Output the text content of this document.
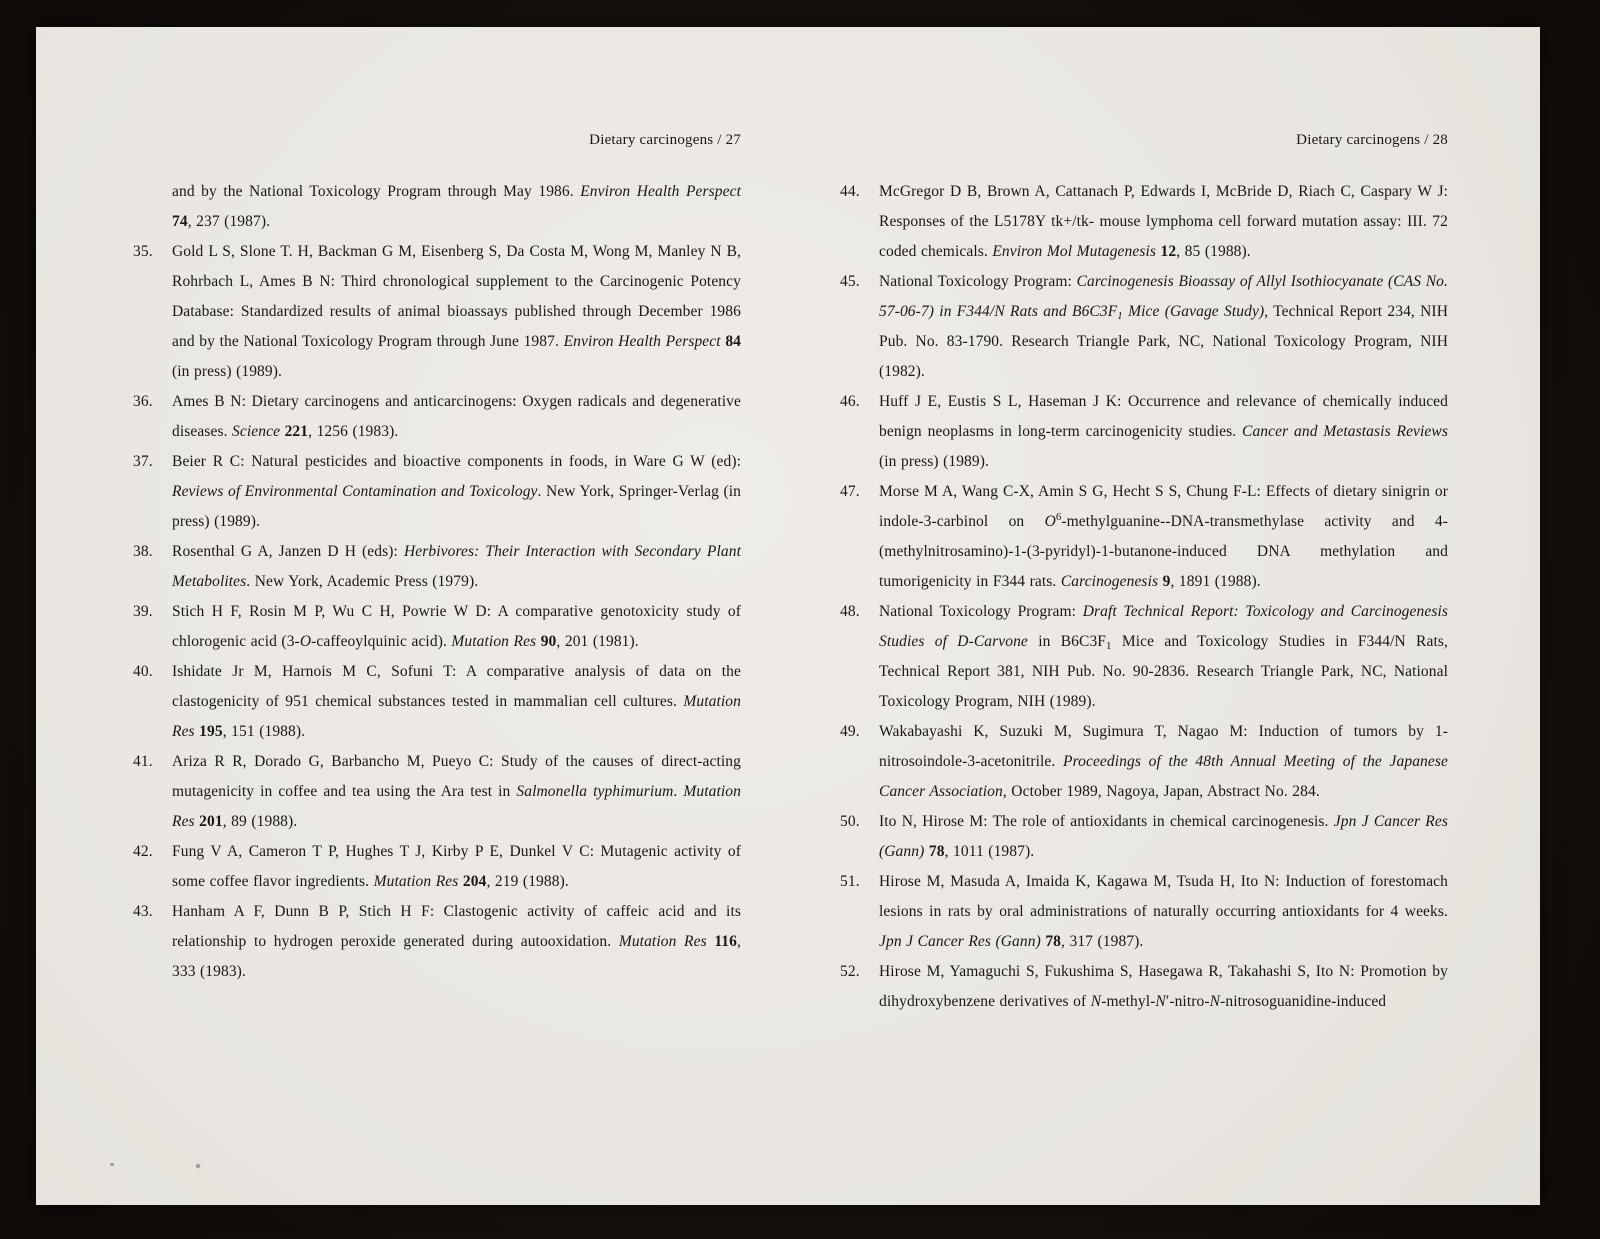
Dietary carcinogens / 27
and by the National Toxicology Program through May 1986. Environ Health Perspect 74, 237 (1987).
35.	Gold L S, Slone T. H, Backman G M, Eisenberg S, Da Costa M, Wong M, Manley N B, Rohrbach L, Ames B N: Third chronological supplement to the Carcinogenic Potency Database: Standardized results of animal bioassays published through December 1986 and by the National Toxicology Program through June 1987. Environ Health Perspect 84 (in press) (1989).
36.	Ames B N: Dietary carcinogens and anticarcinogens: Oxygen radicals and degenerative diseases. Science 221, 1256 (1983).
37.	Beier R C: Natural pesticides and bioactive components in foods, in Ware G W (ed): Reviews of Environmental Contamination and Toxicology. New York, Springer-Verlag (in press) (1989).
38.	Rosenthal G A, Janzen D H (eds): Herbivores: Their Interaction with Secondary Plant Metabolites. New York, Academic Press (1979).
39.	Stich H F, Rosin M P, Wu C H, Powrie W D: A comparative genotoxicity study of chlorogenic acid (3-O-caffeoylquinic acid). Mutation Res 90, 201 (1981).
40.	Ishidate Jr M, Harnois M C, Sofuni T: A comparative analysis of data on the clastogenicity of 951 chemical substances tested in mammalian cell cultures. Mutation Res 195, 151 (1988).
41.	Ariza R R, Dorado G, Barbancho M, Pueyo C: Study of the causes of direct-acting mutagenicity in coffee and tea using the Ara test in Salmonella typhimurium. Mutation Res 201, 89 (1988).
42.	Fung V A, Cameron T P, Hughes T J, Kirby P E, Dunkel V C: Mutagenic activity of some coffee flavor ingredients. Mutation Res 204, 219 (1988).
43.	Hanham A F, Dunn B P, Stich H F: Clastogenic activity of caffeic acid and its relationship to hydrogen peroxide generated during autooxidation. Mutation Res 116, 333 (1983).
Dietary carcinogens / 28
44.	McGregor D B, Brown A, Cattanach P, Edwards I, McBride D, Riach C, Caspary W J: Responses of the L5178Y tk+/tk- mouse lymphoma cell forward mutation assay: III. 72 coded chemicals. Environ Mol Mutagenesis 12, 85 (1988).
45.	National Toxicology Program: Carcinogenesis Bioassay of Allyl Isothiocyanate (CAS No. 57-06-7) in F344/N Rats and $B6C3F_1$ Mice (Gavage Study), Technical Report 234, NIH Pub. No. 83-1790. Research Triangle Park, NC, National Toxicology Program, NIH (1982).
46.	Huff J E, Eustis S L, Haseman J K: Occurrence and relevance of chemically induced benign neoplasms in long-term carcinogenicity studies. Cancer and Metastasis Reviews (in press) (1989).
47.	Morse M A, Wang C-X, Amin S G, Hecht S S, Chung F-L: Effects of dietary sinigrin or indole-3-carbinol on $O^6-methylguanine--DNA$-transmethylase activity and 4-(methylnitrosamino)-1-(3-pyridyl)-1-butanone-induced DNA methylation and tumorigenicity in F344 rats. Carcinogenesis 9, 1891 (1988).
48.	National Toxicology Program: Draft Technical Report: Toxicology and Carcinogenesis Studies of D-Carvone in $B6C3F_1$ Mice and Toxicology Studies in F344/N Rats, Technical Report 381, NIH Pub. No. 90-2836. Research Triangle Park, NC, National Toxicology Program, NIH (1989).
49.	Wakabayashi K, Suzuki M, Sugimura T, Nagao M: Induction of tumors by 1-nitrosoindole-3-acetonitrile. Proceedings of the 48th Annual Meeting of the Japanese Cancer Association, October 1989, Nagoya, Japan, Abstract No. 284.
50.	Ito N, Hirose M: The role of antioxidants in chemical carcinogenesis. Jpn J Cancer Res (Gann) 78, 1011 (1987).
51.	Hirose M, Masuda A, Imaida K, Kagawa M, Tsuda H, Ito N: Induction of forestomach lesions in rats by oral administrations of naturally occurring antioxidants for 4 weeks. Jpn J Cancer Res (Gann) 78, 317 (1987).
52.	Hirose M, Yamaguchi S, Fukushima S, Hasegawa R, Takahashi S, Ito N: Promotion by dihydroxybenzene derivatives of N-methyl-N′-nitro-N-nitrosoguanidine-induced
